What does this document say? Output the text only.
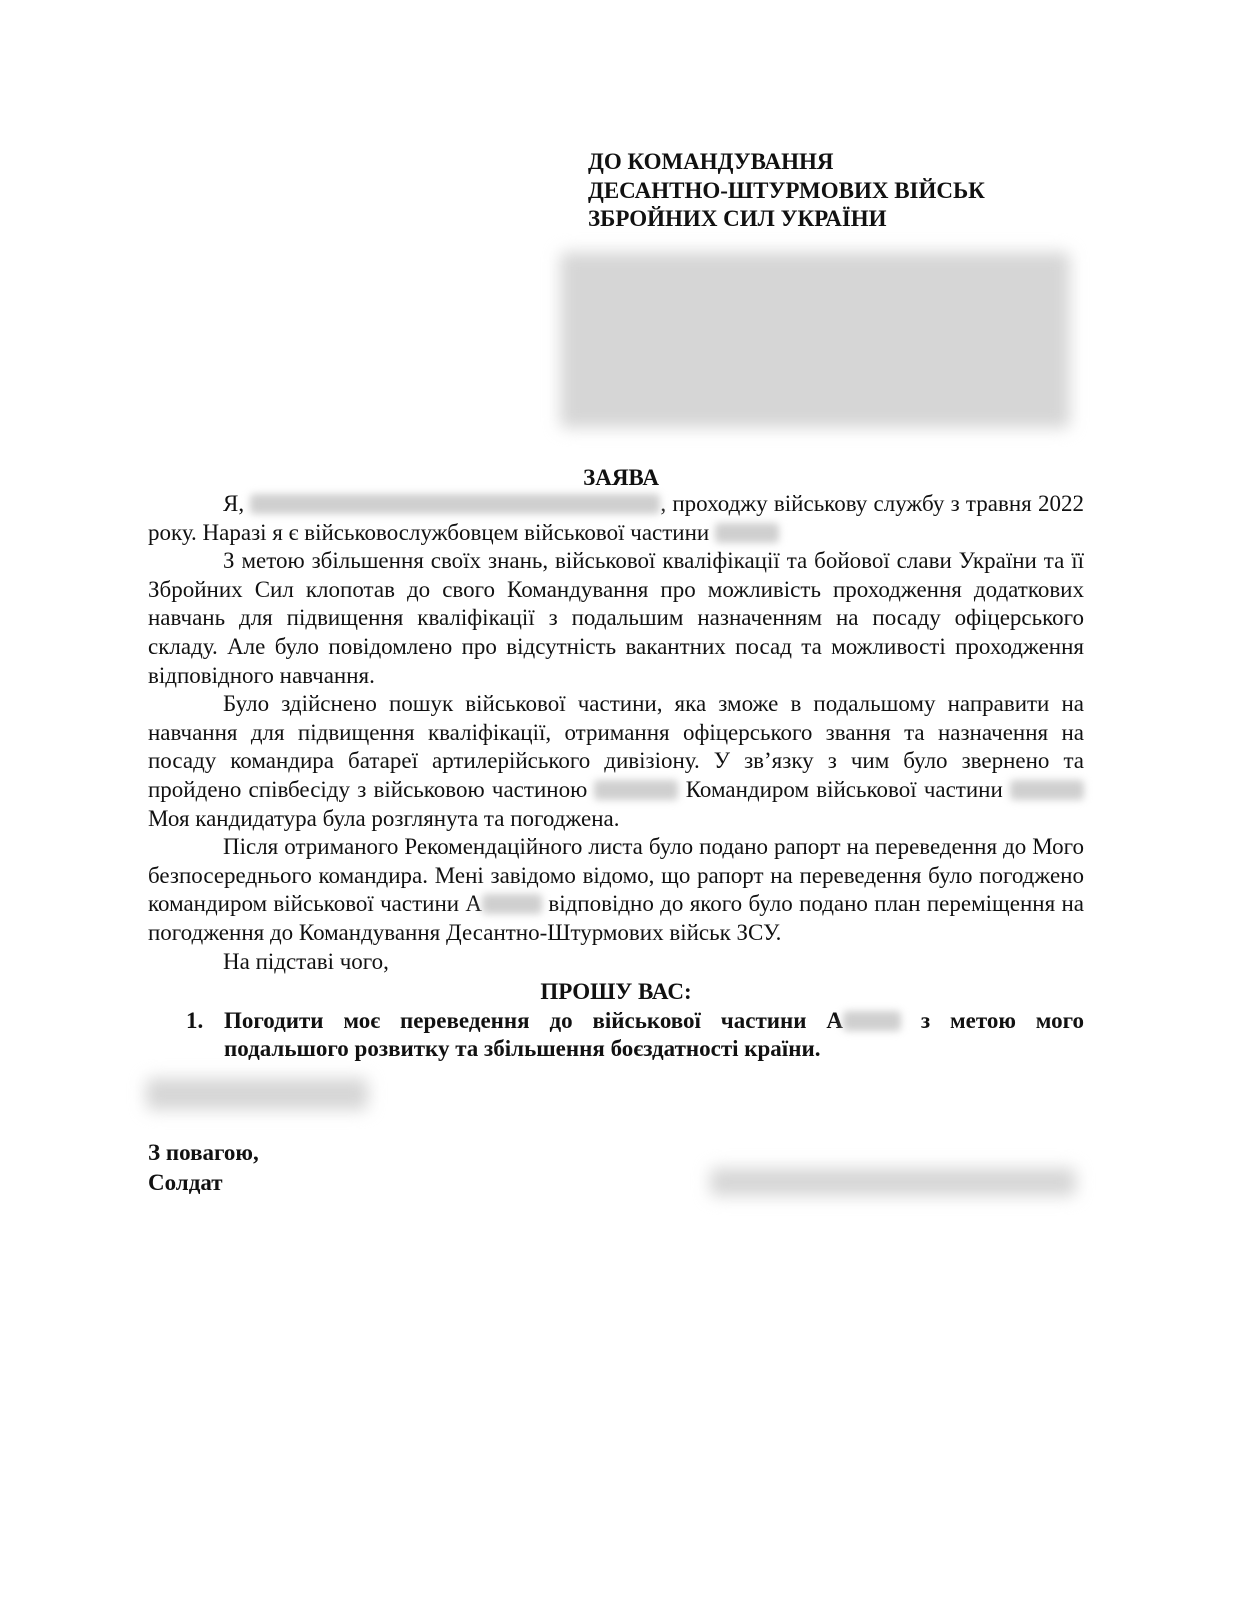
ДО КОМАНДУВАННЯ
ДЕСАНТНО-ШТУРМОВИХ ВІЙСЬК
ЗБРОЙНИХ СИЛ УКРАЇНИ
ЗАЯВА

Я,	, проходжу військову службу з травня 2022 року. Наразі я є військовослужбовцем військової частини

З метою збільшення своїх знань, військової кваліфікації та бойової слави України та її Збройних Сил клопотав до свого Командування про можливість проходження додаткових навчань для підвищення кваліфікації з подальшим назначенням на посаду офіцерського складу. Але було повідомлено про відсутність вакантних посад та можливості проходження відповідного навчання.

Було здійснено пошук військової частини, яка зможе в подальшому направити на навчання для підвищення кваліфікації, отримання офіцерського звання та назначення на посаду командира батареї артилерійського дивізіону. У зв’язку з чим було звернено та пройдено співбесіду з військовою частиною	Командиром військової частини  Моя кандидатура була розглянута та погоджена.

Після отриманого Рекомендаційного листа було подано рапорт на переведення до Мого безпосереднього командира. Мені завідомо відомо, що рапорт на переведення було погоджено командиром військової частини А	відповідно до якого було подано план переміщення на погодження до Командування Десантно-Штурмових військ ЗСУ.

На підставі чого,

ПРОШУ ВАС:
1. Погодити моє переведення до військової частини А	з метою мого подальшого розвитку та збільшення боєздатності країни.
З повагою,
Солдат
